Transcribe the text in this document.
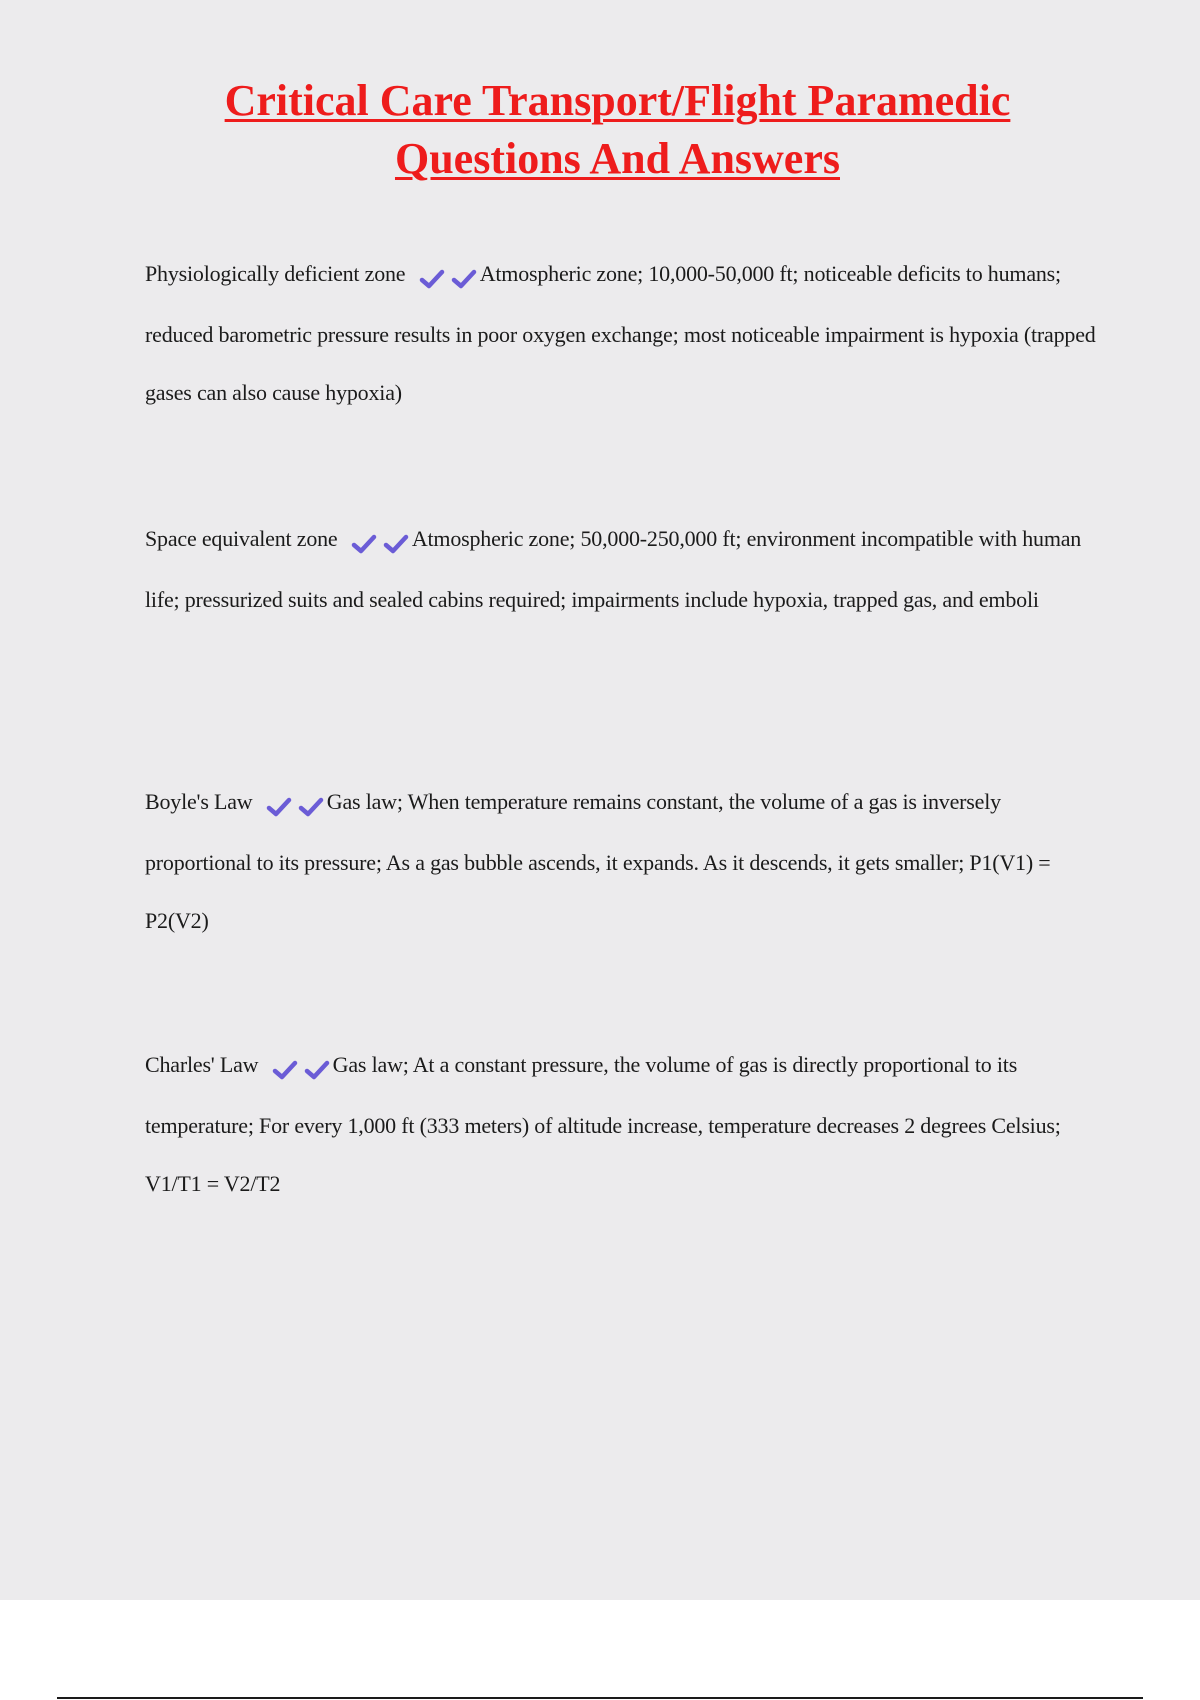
Critical Care Transport/Flight Paramedic
Questions And Answers

Physiologically deficient zone	Atmospheric zone; 10,000-50,000 ft; noticeable deficits to humans; reduced barometric pressure results in poor oxygen exchange; most noticeable impairment is hypoxia (trapped gases can also cause hypoxia)

Space equivalent zone	Atmospheric zone; 50,000-250,000 ft; environment incompatible with human life; pressurized suits and sealed cabins required; impairments include hypoxia, trapped gas, and emboli

Boyle's Law	Gas law; When temperature remains constant, the volume of a gas is inversely proportional to its pressure; As a gas bubble ascends, it expands. As it descends, it gets smaller; P1(V1) = P2(V2)

Charles' Law	Gas law; At a constant pressure, the volume of gas is directly proportional to its temperature; For every 1,000 ft (333 meters) of altitude increase, temperature decreases 2 degrees Celsius; V1/T1 = V2/T2
